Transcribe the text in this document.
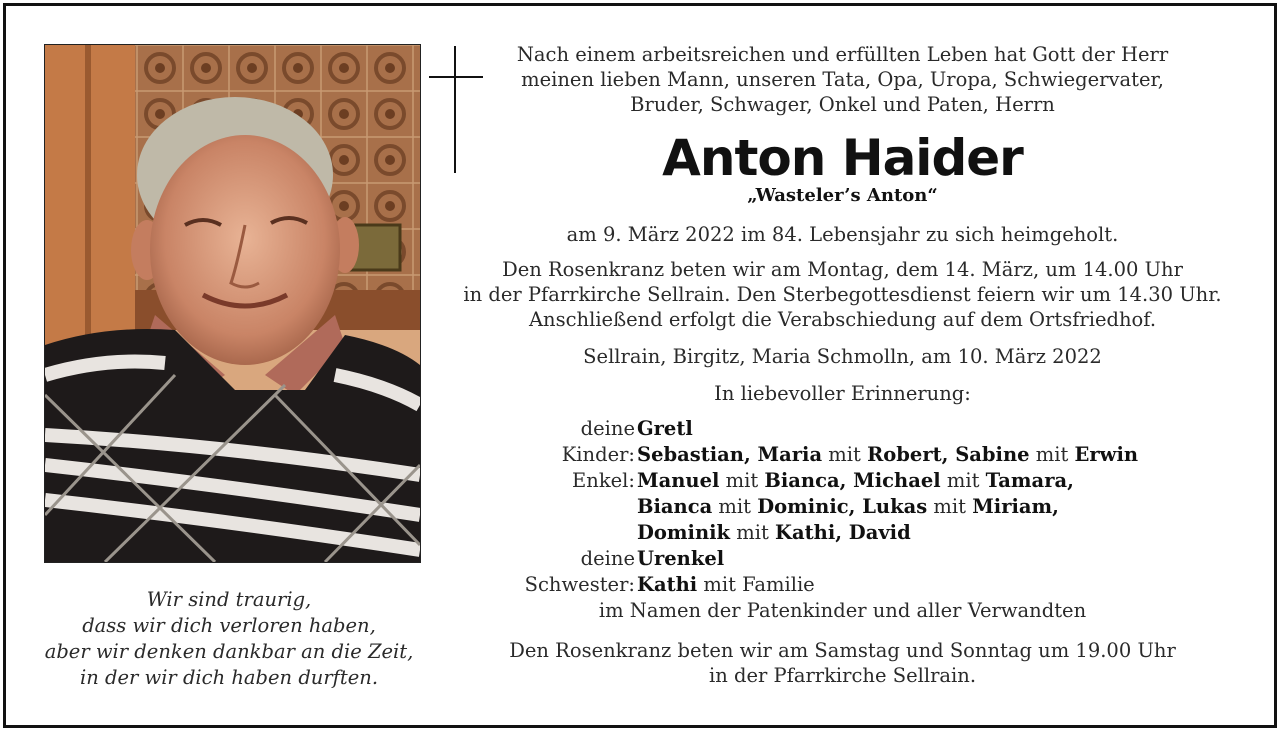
Wir sind traurig,
dass wir dich verloren haben,
aber wir denken dankbar an die Zeit,
in der wir dich haben durften.
Nach einem arbeitsreichen und erfüllten Leben hat Gott der Herr
meinen lieben Mann, unseren Tata, Opa, Uropa, Schwiegervater,
Bruder, Schwager, Onkel und Paten, Herrn
Anton Haider
„Wasteler’s Anton“
am 9. März 2022 im 84. Lebensjahr zu sich heimgeholt.
Den Rosenkranz beten wir am Montag, dem 14. März, um 14.00 Uhr
in der Pfarrkirche Sellrain. Den Sterbegottesdienst feiern wir um 14.30 Uhr.
Anschließend erfolgt die Verabschiedung auf dem Ortsfriedhof.
Sellrain, Birgitz, Maria Schmolln, am 10. März 2022
In liebevoller Erinnerung:
deine Gretl
Kinder: Sebastian, Maria mit Robert, Sabine mit Erwin
Enkel: Manuel mit Bianca, Michael mit Tamara,
Bianca mit Dominic, Lukas mit Miriam,
Dominik mit Kathi, David
deine Urenkel
Schwester: Kathi mit Familie
im Namen der Patenkinder und aller Verwandten
Den Rosenkranz beten wir am Samstag und Sonntag um 19.00 Uhr
in der Pfarrkirche Sellrain.
